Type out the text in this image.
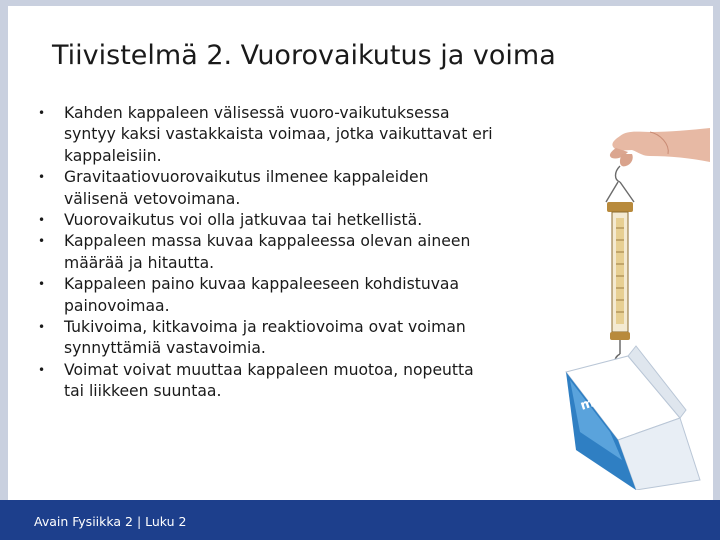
Tiivistelmä 2. Vuorovaikutus ja voima
• Kahden kappaleen välisessä vuoro-vaikutuksessa syntyy kaksi vastakkaista voimaa, jotka vaikuttavat eri kappaleisiin.
• Gravitaatiovuorovaikutus ilmenee kappaleiden välisenä vetovoimana.
• Vuorovaikutus voi olla jatkuvaa tai hetkellistä.
• Kappaleen massa kuvaa kappaleessa olevan aineen määrää ja hitautta.
• Kappaleen paino kuvaa kappaleeseen kohdistuvaa painovoimaa.
• Tukivoima, kitkavoima ja reaktiovoima ovat voiman synnyttämiä vastavoimia.
• Voimat voivat muuttaa kappaleen muotoa, nopeutta tai liikkeen suuntaa.	maito
Avain Fysiikka 2 | Luku 2
